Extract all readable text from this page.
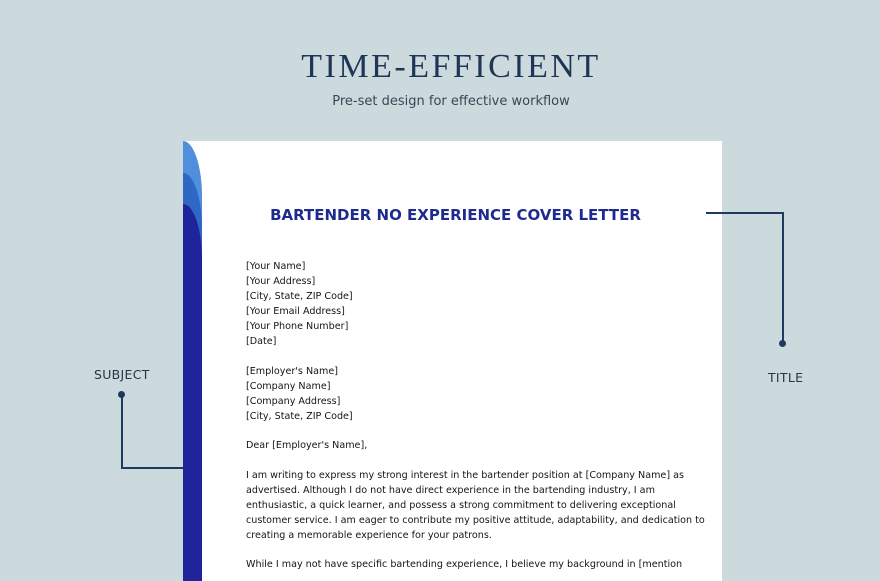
TIME-EFFICIENT
Pre-set design for effective workflow
BARTENDER NO EXPERIENCE COVER LETTER
[Your Name]
[Your Address]
[City, State, ZIP Code]
[Your Email Address]
[Your Phone Number]
[Date]
[Employer's Name]
[Company Name]
[Company Address]
[City, State, ZIP Code]
Dear [Employer's Name],
I am writing to express my strong interest in the bartender position at [Company Name] as
advertised. Although I do not have direct experience in the bartending industry, I am
enthusiastic, a quick learner, and possess a strong commitment to delivering exceptional
customer service. I am eager to contribute my positive attitude, adaptability, and dedication to
creating a memorable experience for your patrons.
While I may not have specific bartending experience, I believe my background in [mention
SUBJECT	TITLE
